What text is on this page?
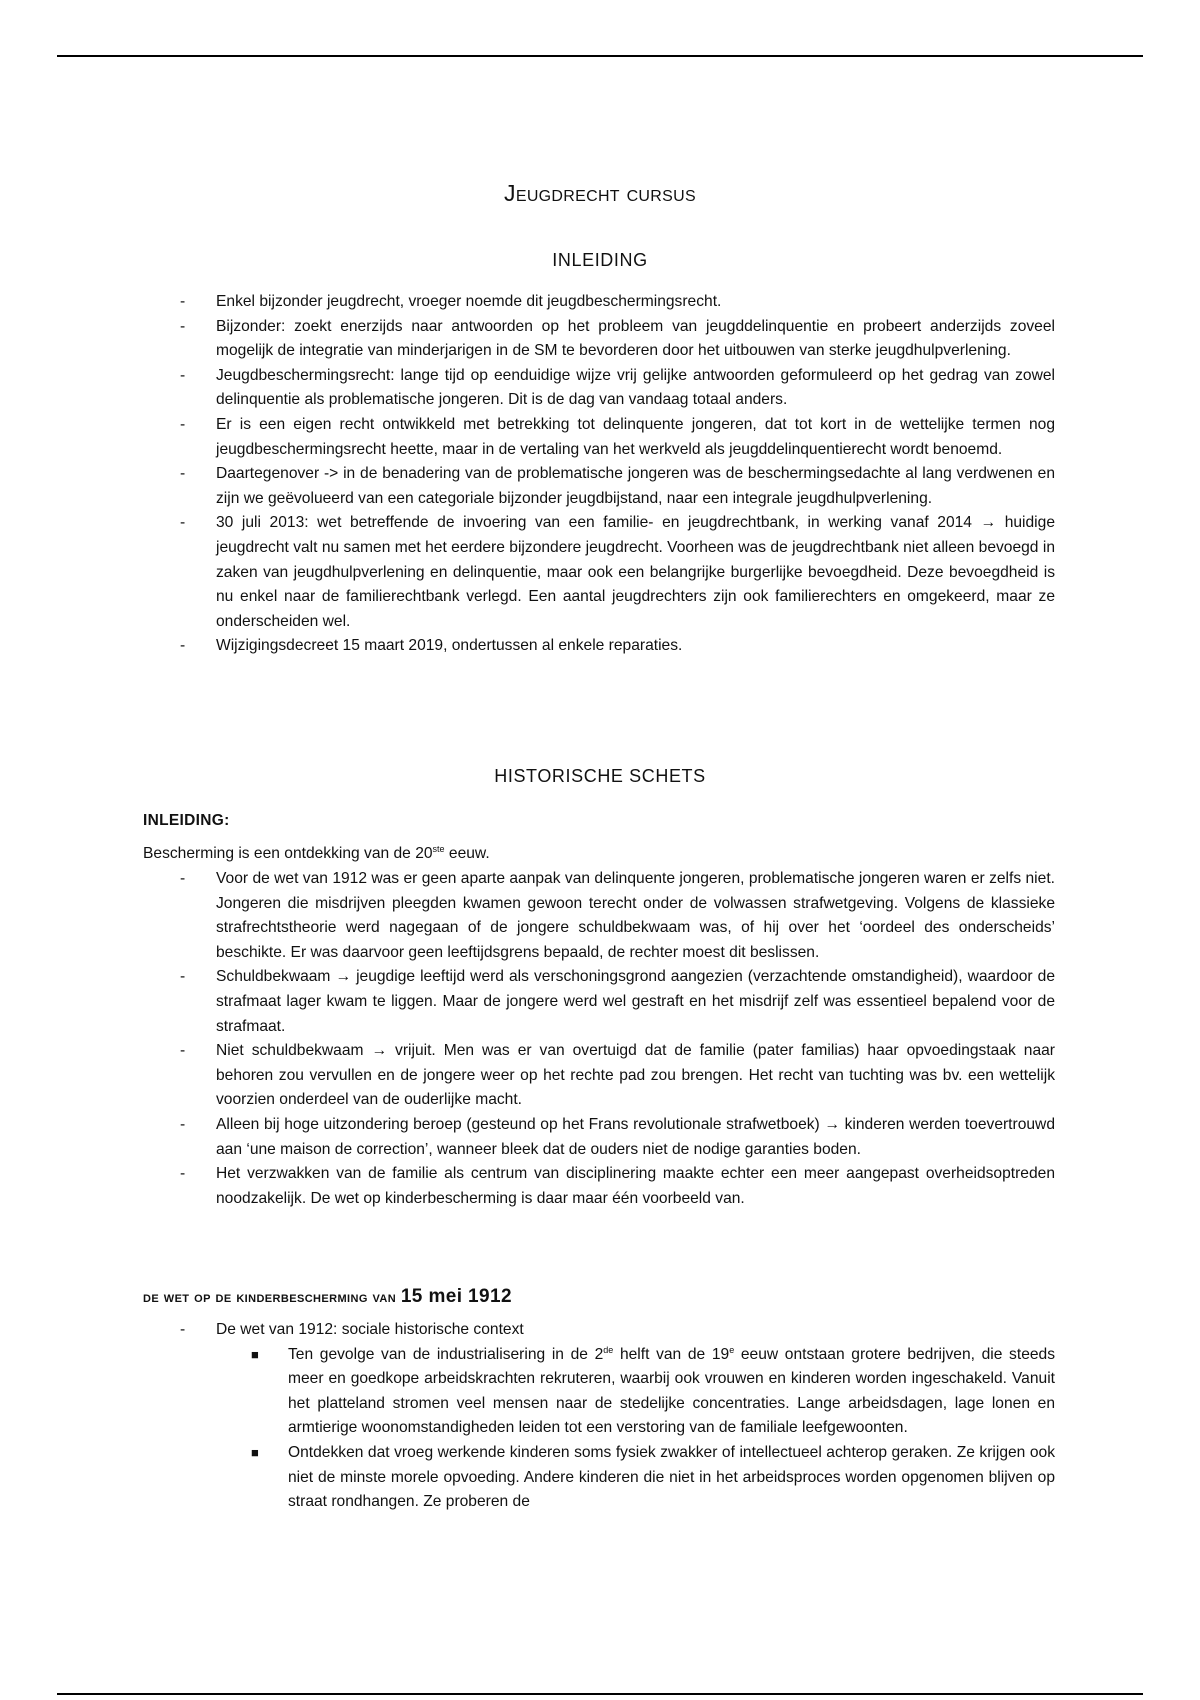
Jeugdrecht cursus
INLEIDING
- Enkel bijzonder jeugdrecht, vroeger noemde dit jeugdbeschermingsrecht.
- Bijzonder: zoekt enerzijds naar antwoorden op het probleem van jeugddelinquentie en probeert anderzijds zoveel mogelijk de integratie van minderjarigen in de SM te bevorderen door het uitbouwen van sterke jeugdhulpverlening.
- Jeugdbeschermingsrecht: lange tijd op eenduidige wijze vrij gelijke antwoorden geformuleerd op het gedrag van zowel delinquentie als problematische jongeren. Dit is de dag van vandaag totaal anders.
- Er is een eigen recht ontwikkeld met betrekking tot delinquente jongeren, dat tot kort in de wettelijke termen nog jeugdbeschermingsrecht heette, maar in de vertaling van het werkveld als jeugddelinquentierecht wordt benoemd.
- Daartegenover -> in de benadering van de problematische jongeren was de beschermingsedachte al lang verdwenen en zijn we geëvolueerd van een categoriale bijzonder jeugdbijstand, naar een integrale jeugdhulpverlening.
- 30 juli 2013: wet betreffende de invoering van een familie- en jeugdrechtbank, in werking vanaf 2014 → huidige jeugdrecht valt nu samen met het eerdere bijzondere jeugdrecht. Voorheen was de jeugdrechtbank niet alleen bevoegd in zaken van jeugdhulpverlening en delinquentie, maar ook een belangrijke burgerlijke bevoegdheid. Deze bevoegdheid is nu enkel naar de familierechtbank verlegd. Een aantal jeugdrechters zijn ook familierechters en omgekeerd, maar ze onderscheiden wel.
- Wijzigingsdecreet 15 maart 2019, ondertussen al enkele reparaties.
HISTORISCHE SCHETS
INLEIDING:
Bescherming is een ontdekking van de 20ste eeuw.
- Voor de wet van 1912 was er geen aparte aanpak van delinquente jongeren, problematische jongeren waren er zelfs niet. Jongeren die misdrijven pleegden kwamen gewoon terecht onder de volwassen strafwetgeving. Volgens de klassieke strafrechtstheorie werd nagegaan of de jongere schuldbekwaam was, of hij over het ‘oordeel des onderscheids’ beschikte. Er was daarvoor geen leeftijdsgrens bepaald, de rechter moest dit beslissen.
- Schuldbekwaam → jeugdige leeftijd werd als verschoningsgrond aangezien (verzachtende omstandigheid), waardoor de strafmaat lager kwam te liggen. Maar de jongere werd wel gestraft en het misdrijf zelf was essentieel bepalend voor de strafmaat.
- Niet schuldbekwaam → vrijuit. Men was er van overtuigd dat de familie (pater familias) haar opvoedingstaak naar behoren zou vervullen en de jongere weer op het rechte pad zou brengen. Het recht van tuchting was bv. een wettelijk voorzien onderdeel van de ouderlijke macht.
- Alleen bij hoge uitzondering beroep (gesteund op het Frans revolutionale strafwetboek) → kinderen werden toevertrouwd aan ‘une maison de correction’, wanneer bleek dat de ouders niet de nodige garanties boden.
- Het verzwakken van de familie als centrum van disciplinering maakte echter een meer aangepast overheidsoptreden noodzakelijk. De wet op kinderbescherming is daar maar één voorbeeld van.
de wet op de kinderbescherming van 15 mei 1912
- De wet van 1912: sociale historische context
■ Ten gevolge van de industrialisering in de 2de helft van de 19e eeuw ontstaan grotere bedrijven, die steeds meer en goedkope arbeidskrachten rekruteren, waarbij ook vrouwen en kinderen worden ingeschakeld. Vanuit het platteland stromen veel mensen naar de stedelijke concentraties. Lange arbeidsdagen, lage lonen en armtierige woonomstandigheden leiden tot een verstoring van de familiale leefgewoonten.
■ Ontdekken dat vroeg werkende kinderen soms fysiek zwakker of intellectueel achterop geraken. Ze krijgen ook niet de minste morele opvoeding. Andere kinderen die niet in het arbeidsproces worden opgenomen blijven op straat rondhangen. Ze proberen de
